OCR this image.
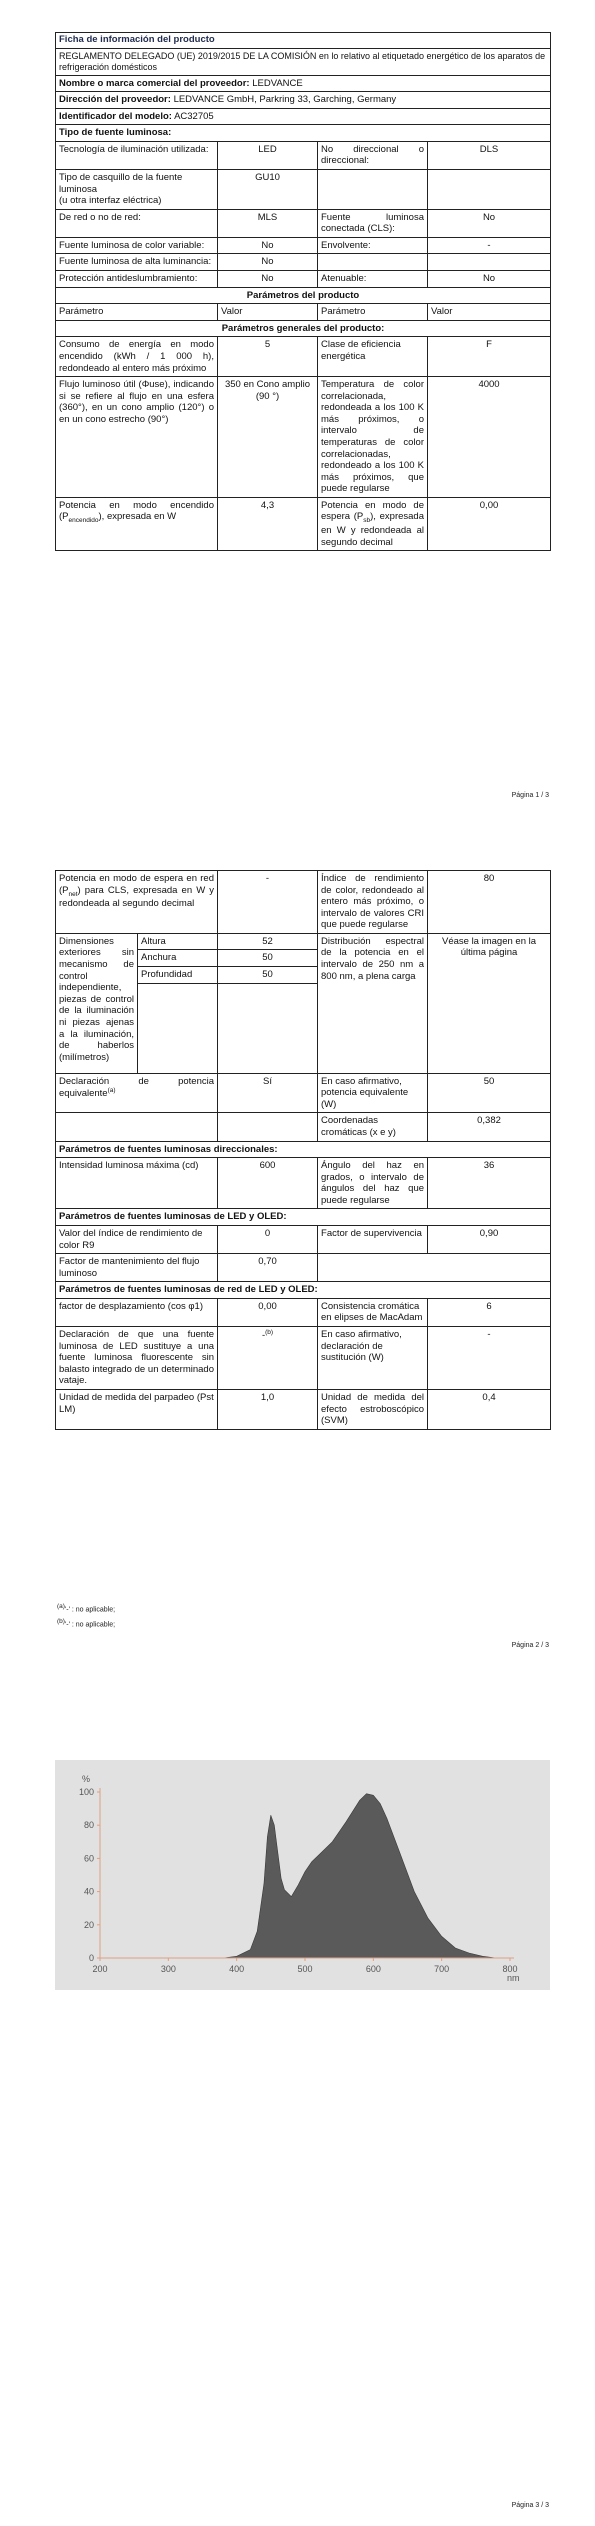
Ficha de información del producto			
REGLAMENTO DELEGADO (UE) 2019/2015 DE LA COMISIÓN en lo relativo al etiquetado energético de los aparatos de refrigeración domésticos			
Nombre o marca comercial del proveedor: LEDVANCE			
Dirección del proveedor: LEDVANCE GmbH, Parkring 33, Garching, Germany			
Identificador del modelo: AC32705			
Tipo de fuente luminosa:			
Tecnología de iluminación utilizada:	LED	No direccional o direccional:	DLS

Tipo de casquillo de la fuente luminosa
(u otra interfaz eléctrica)	GU10		
De red o no de red:	MLS	Fuente luminosa conectada (CLS):	No
Fuente luminosa de color variable:	No	Envolvente:	-
Fuente luminosa de alta luminancia:	No		
Protección antideslumbramiento:	No	Atenuable:	No
Parámetros del producto			
Parámetro	Valor	Parámetro	Valor
Parámetros generales del producto:			
Consumo de energía en modo encendido (kWh / 1 000 h), redondeado al entero más próximo	5	Clase de eficiencia energética	F
Flujo luminoso útil (Φuse), indicando si se refiere al flujo en una esfera (360°), en un cono amplio (120°) o en un cono estrecho (90°)	350 en Cono amplio (90 °)	Temperatura de color correlacionada, redondeada a los 100 K más próximos, o intervalo de temperaturas de color correlacionadas, redondeado a los 100 K más próximos, que puede regularse	4000
Potencia en modo encendido $(P_{encendido})$, expresada en W	4,3	Potencia en modo de espera $(P_{sb})$, expresada en W y redondeada al segundo decimal	0,00
Página 1 / 3
Potencia en modo de espera en red $(P_{net})$ para CLS, expresada en W y redondeada al segundo decimal		-	Índice de rendimiento de color, redondeado al entero más próximo, o intervalo de valores CRI que puede regularse	80
Dimensiones exteriores sin mecanismo de control independiente, piezas de control de la iluminación ni piezas ajenas a la iluminación, de haberlos (milímetros)	Altura	52	Distribución espectral de la potencia en el intervalo de 250 nm a 800 nm, a plena carga	Véase la imagen en la última página
	Anchura	50		
	Profundidad	50		

Declaración de potencia equivalente$^{(a)}$		Sí	En caso afirmativo, potencia equivalente (W)	50
			Coordenadas cromáticas (x e y)	0,382
Parámetros de fuentes luminosas direccionales:				
Intensidad luminosa máxima (cd)		600	Ángulo del haz en grados, o intervalo de ángulos del haz que puede regularse	36
Parámetros de fuentes luminosas de LED y OLED:				
Valor del índice de rendimiento de color R9		0	Factor de supervivencia	0,90
Factor de mantenimiento del flujo luminoso		0,70		
Parámetros de fuentes luminosas de red de LED y OLED:				
factor de desplazamiento (cos φ1)		0,00	Consistencia cromática en elipses de MacAdam	6
Declaración de que una fuente luminosa de LED sustituye a una fuente luminosa fluorescente sin balasto integrado de un determinado vataje.		-$^{(b)}$	En caso afirmativo, declaración de sustitución (W)	-
Unidad de medida del parpadeo (Pst LM)		1,0	Unidad de medida del efecto estroboscópico (SVM)	0,4
$^{(a)}$'-' : no aplicable;
$^{(b)}$'-' : no aplicable;
Página 2 / 3
0
20
40
60
80
100
200	300	400	500	600	700	800
%
nm
Página 3 / 3
